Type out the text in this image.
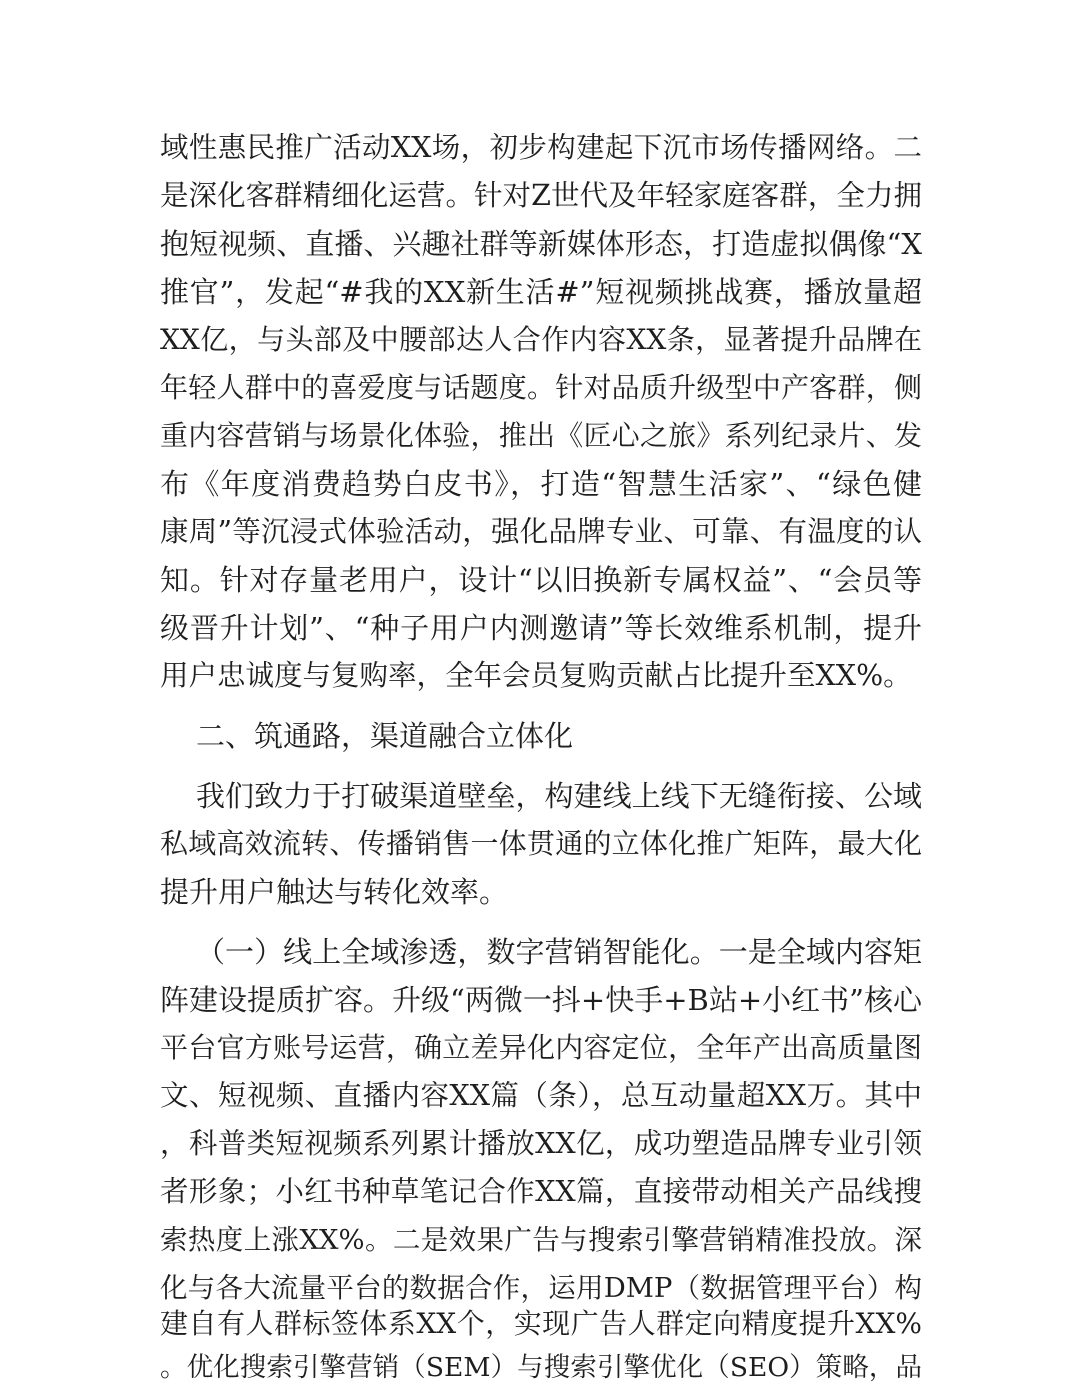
域性惠民推广活动XX场，初步构建起下沉市场传播网络。二
是深化客群精细化运营。针对Z世代及年轻家庭客群，全力拥
抱短视频、直播、兴趣社群等新媒体形态，打造虚拟偶像“X
推官”，发起“#我的XX新生活#”短视频挑战赛，播放量超
XX亿，与头部及中腰部达人合作内容XX条，显著提升品牌在
年轻人群中的喜爱度与话题度。针对品质升级型中产客群，侧
重内容营销与场景化体验，推出《匠心之旅》系列纪录片、发
布《年度消费趋势白皮书》，打造“智慧生活家”、“绿色健
康周”等沉浸式体验活动，强化品牌专业、可靠、有温度的认
知。针对存量老用户，设计“以旧换新专属权益”、“会员等
级晋升计划”、“种子用户内测邀请”等长效维系机制，提升
用户忠诚度与复购率，全年会员复购贡献占比提升至XX%。
二、筑通路，渠道融合立体化
我们致力于打破渠道壁垒，构建线上线下无缝衔接、公域
私域高效流转、传播销售一体贯通的立体化推广矩阵，最大化
提升用户触达与转化效率。
（一）线上全域渗透，数字营销智能化。一是全域内容矩
阵建设提质扩容。升级“两微一抖+快手+B站+小红书”核心
平台官方账号运营，确立差异化内容定位，全年产出高质量图
文、短视频、直播内容XX篇（条），总互动量超XX万。其中
，科普类短视频系列累计播放XX亿，成功塑造品牌专业引领
者形象；小红书种草笔记合作XX篇，直接带动相关产品线搜
索热度上涨XX%。二是效果广告与搜索引擎营销精准投放。深
化与各大流量平台的数据合作，运用DMP（数据管理平台）构
建自有人群标签体系XX个，实现广告人群定向精度提升XX%
。优化搜索引擎营销（SEM）与搜索引擎优化（SEO）策略，品
